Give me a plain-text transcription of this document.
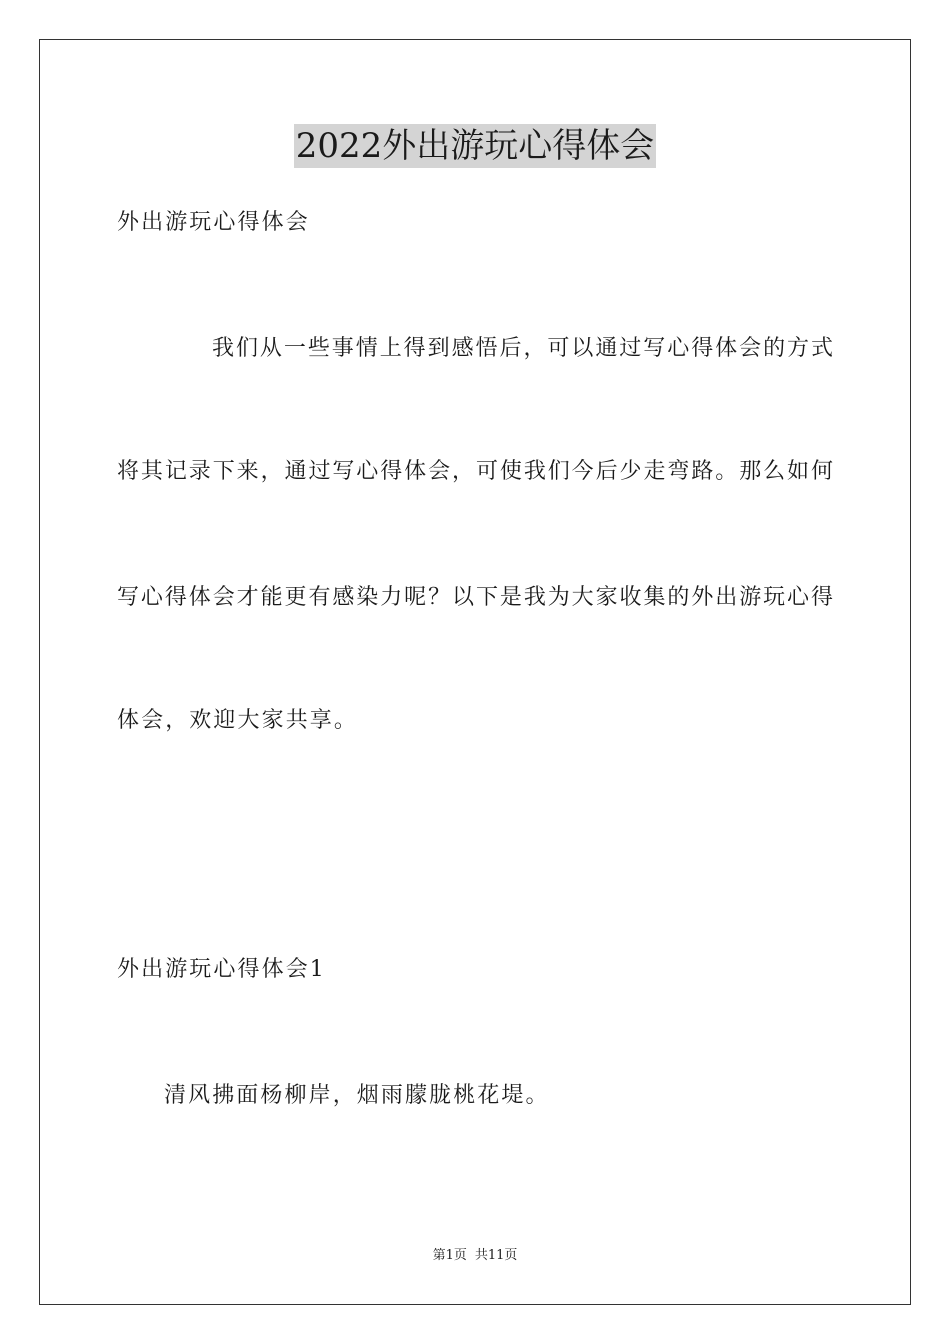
2022外出游玩心得体会
外出游玩心得体会
我们从一些事情上得到感悟后，可以通过写心得体会的方式
将其记录下来，通过写心得体会，可使我们今后少走弯路。那么如何
写心得体会才能更有感染力呢？以下是我为大家收集的外出游玩心得
体会，欢迎大家共享。
外出游玩心得体会1
清风拂面杨柳岸，烟雨朦胧桃花堤。
第1页 共11页
